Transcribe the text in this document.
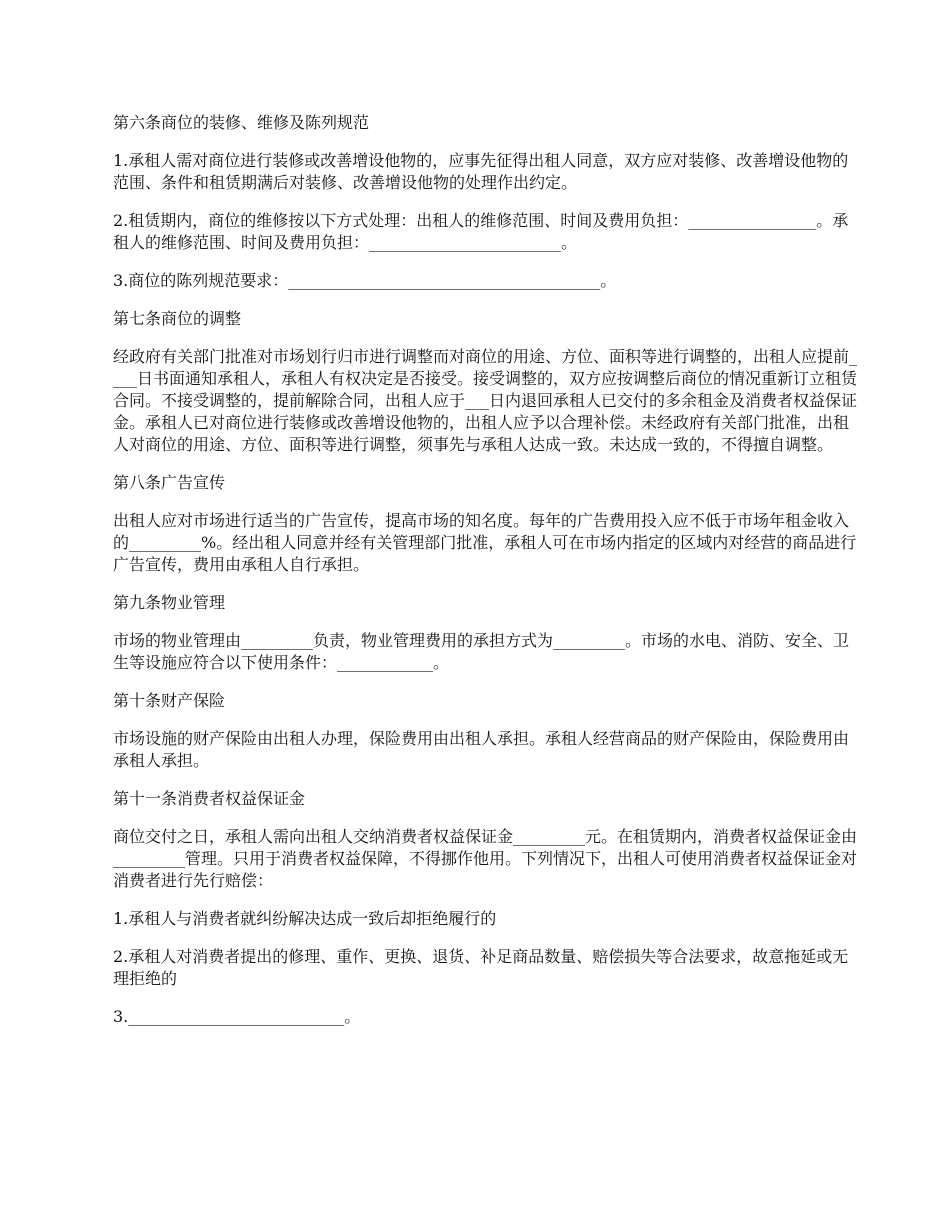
第六条商位的装修、维修及陈列规范

1.承租人需对商位进行装修或改善增设他物的，应事先征得出租人同意，双方应对装修、改善增设他物的范围、条件和租赁期满后对装修、改善增设他物的处理作出约定。

2.租赁期内，商位的维修按以下方式处理：出租人的维修范围、时间及费用负担：________________。承租人的维修范围、时间及费用负担：________________________。

3.商位的陈列规范要求：_______________________________________。

第七条商位的调整

经政府有关部门批准对市场划行归市进行调整而对商位的用途、方位、面积等进行调整的，出租人应提前____日书面通知承租人，承租人有权决定是否接受。接受调整的，双方应按调整后商位的情况重新订立租赁合同。不接受调整的，提前解除合同，出租人应于___日内退回承租人已交付的多余租金及消费者权益保证金。承租人已对商位进行装修或改善增设他物的，出租人应予以合理补偿。未经政府有关部门批准，出租人对商位的用途、方位、面积等进行调整，须事先与承租人达成一致。未达成一致的，不得擅自调整。

第八条广告宣传

出租人应对市场进行适当的广告宣传，提高市场的知名度。每年的广告费用投入应不低于市场年租金收入的_________%。经出租人同意并经有关管理部门批准，承租人可在市场内指定的区域内对经营的商品进行广告宣传，费用由承租人自行承担。

第九条物业管理

市场的物业管理由_________负责，物业管理费用的承担方式为_________。市场的水电、消防、安全、卫生等设施应符合以下使用条件：____________。

第十条财产保险

市场设施的财产保险由出租人办理，保险费用由出租人承担。承租人经营商品的财产保险由，保险费用由承租人承担。

第十一条消费者权益保证金

商位交付之日，承租人需向出租人交纳消费者权益保证金_________元。在租赁期内，消费者权益保证金由_________管理。只用于消费者权益保障，不得挪作他用。下列情况下，出租人可使用消费者权益保证金对消费者进行先行赔偿：

1.承租人与消费者就纠纷解决达成一致后却拒绝履行的

2.承租人对消费者提出的修理、重作、更换、退货、补足商品数量、赔偿损失等合法要求，故意拖延或无理拒绝的

3.___________________________。
